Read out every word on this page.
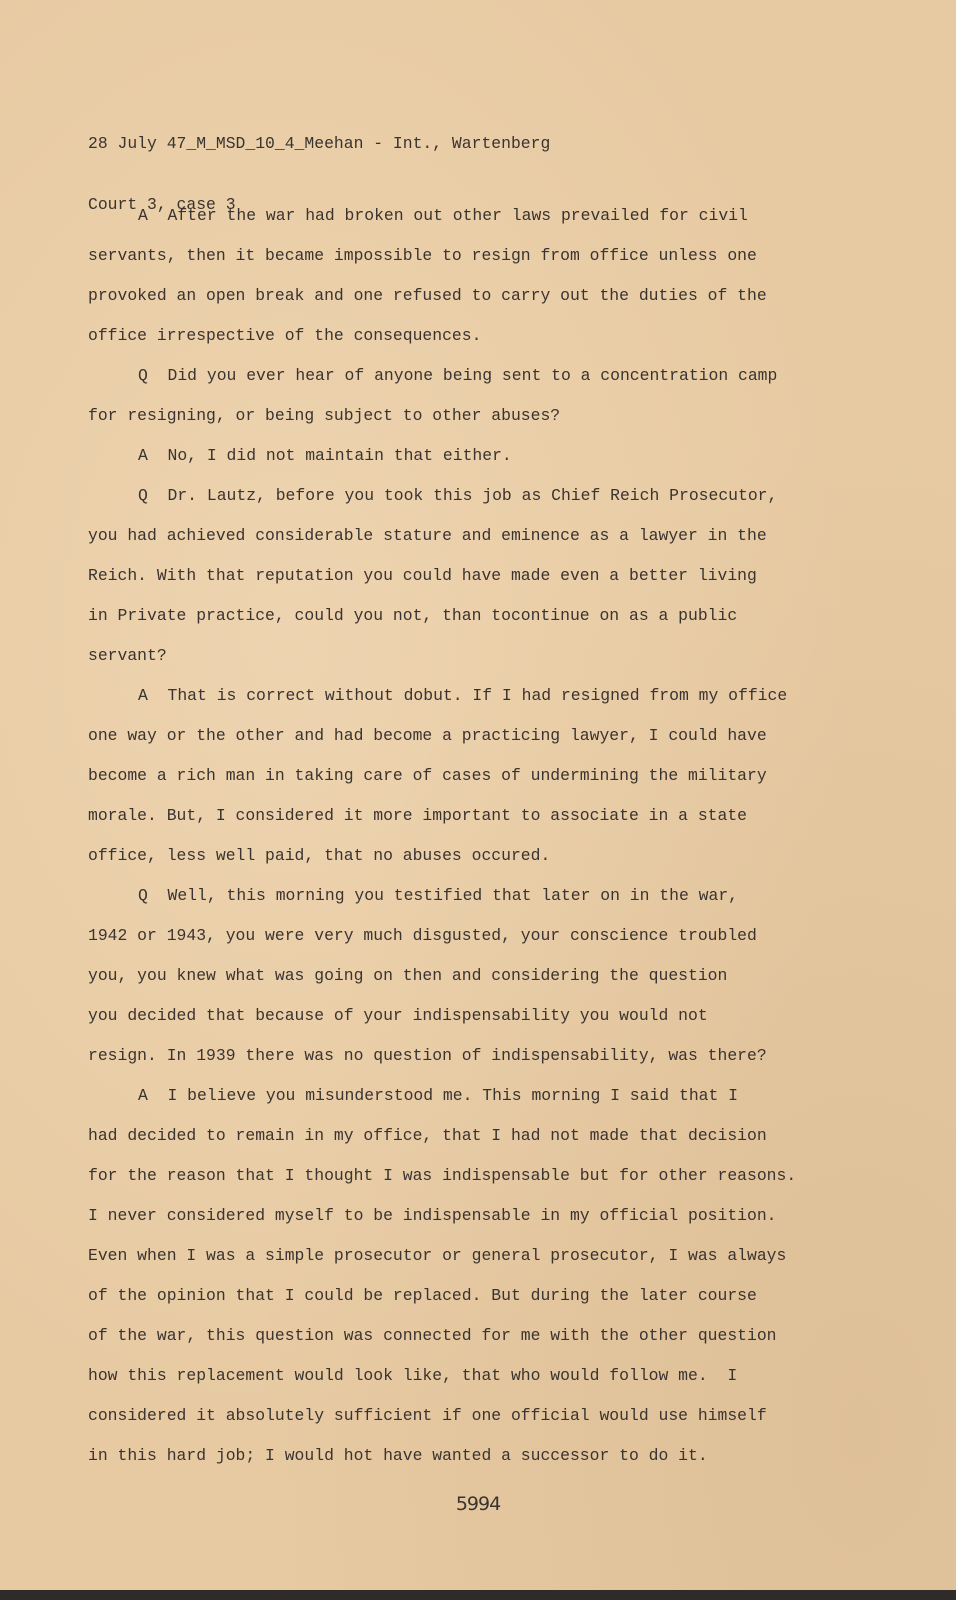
28 July 47_M_MSD_10_4_Meehan - Int., Wartenberg

Court 3, case 3

A  After the war had broken out other laws prevailed for civil
servants, then it became impossible to resign from office unless one
provoked an open break and one refused to carry out the duties of the
office irrespective of the consequences.
Q  Did you ever hear of anyone being sent to a concentration camp
for resigning, or being subject to other abuses?
A  No, I did not maintain that either.
Q  Dr. Lautz, before you took this job as Chief Reich Prosecutor,
you had achieved considerable stature and eminence as a lawyer in the
Reich. With that reputation you could have made even a better living
in Private practice, could you not, than tocontinue on as a public
servant?
A  That is correct without dobut. If I had resigned from my office
one way or the other and had become a practicing lawyer, I could have
become a rich man in taking care of cases of undermining the military
morale. But, I considered it more important to associate in a state
office, less well paid, that no abuses occured.
Q  Well, this morning you testified that later on in the war,
1942 or 1943, you were very much disgusted, your conscience troubled
you, you knew what was going on then and considering the question
you decided that because of your indispensability you would not
resign. In 1939 there was no question of indispensability, was there?
A  I believe you misunderstood me. This morning I said that I
had decided to remain in my office, that I had not made that decision
for the reason that I thought I was indispensable but for other reasons.
I never considered myself to be indispensable in my official position.
Even when I was a simple prosecutor or general prosecutor, I was always
of the opinion that I could be replaced. But during the later course
of the war, this question was connected for me with the other question
how this replacement would look like, that who would follow me.  I
considered it absolutely sufficient if one official would use himself
in this hard job; I would hot have wanted a successor to do it.
5994
